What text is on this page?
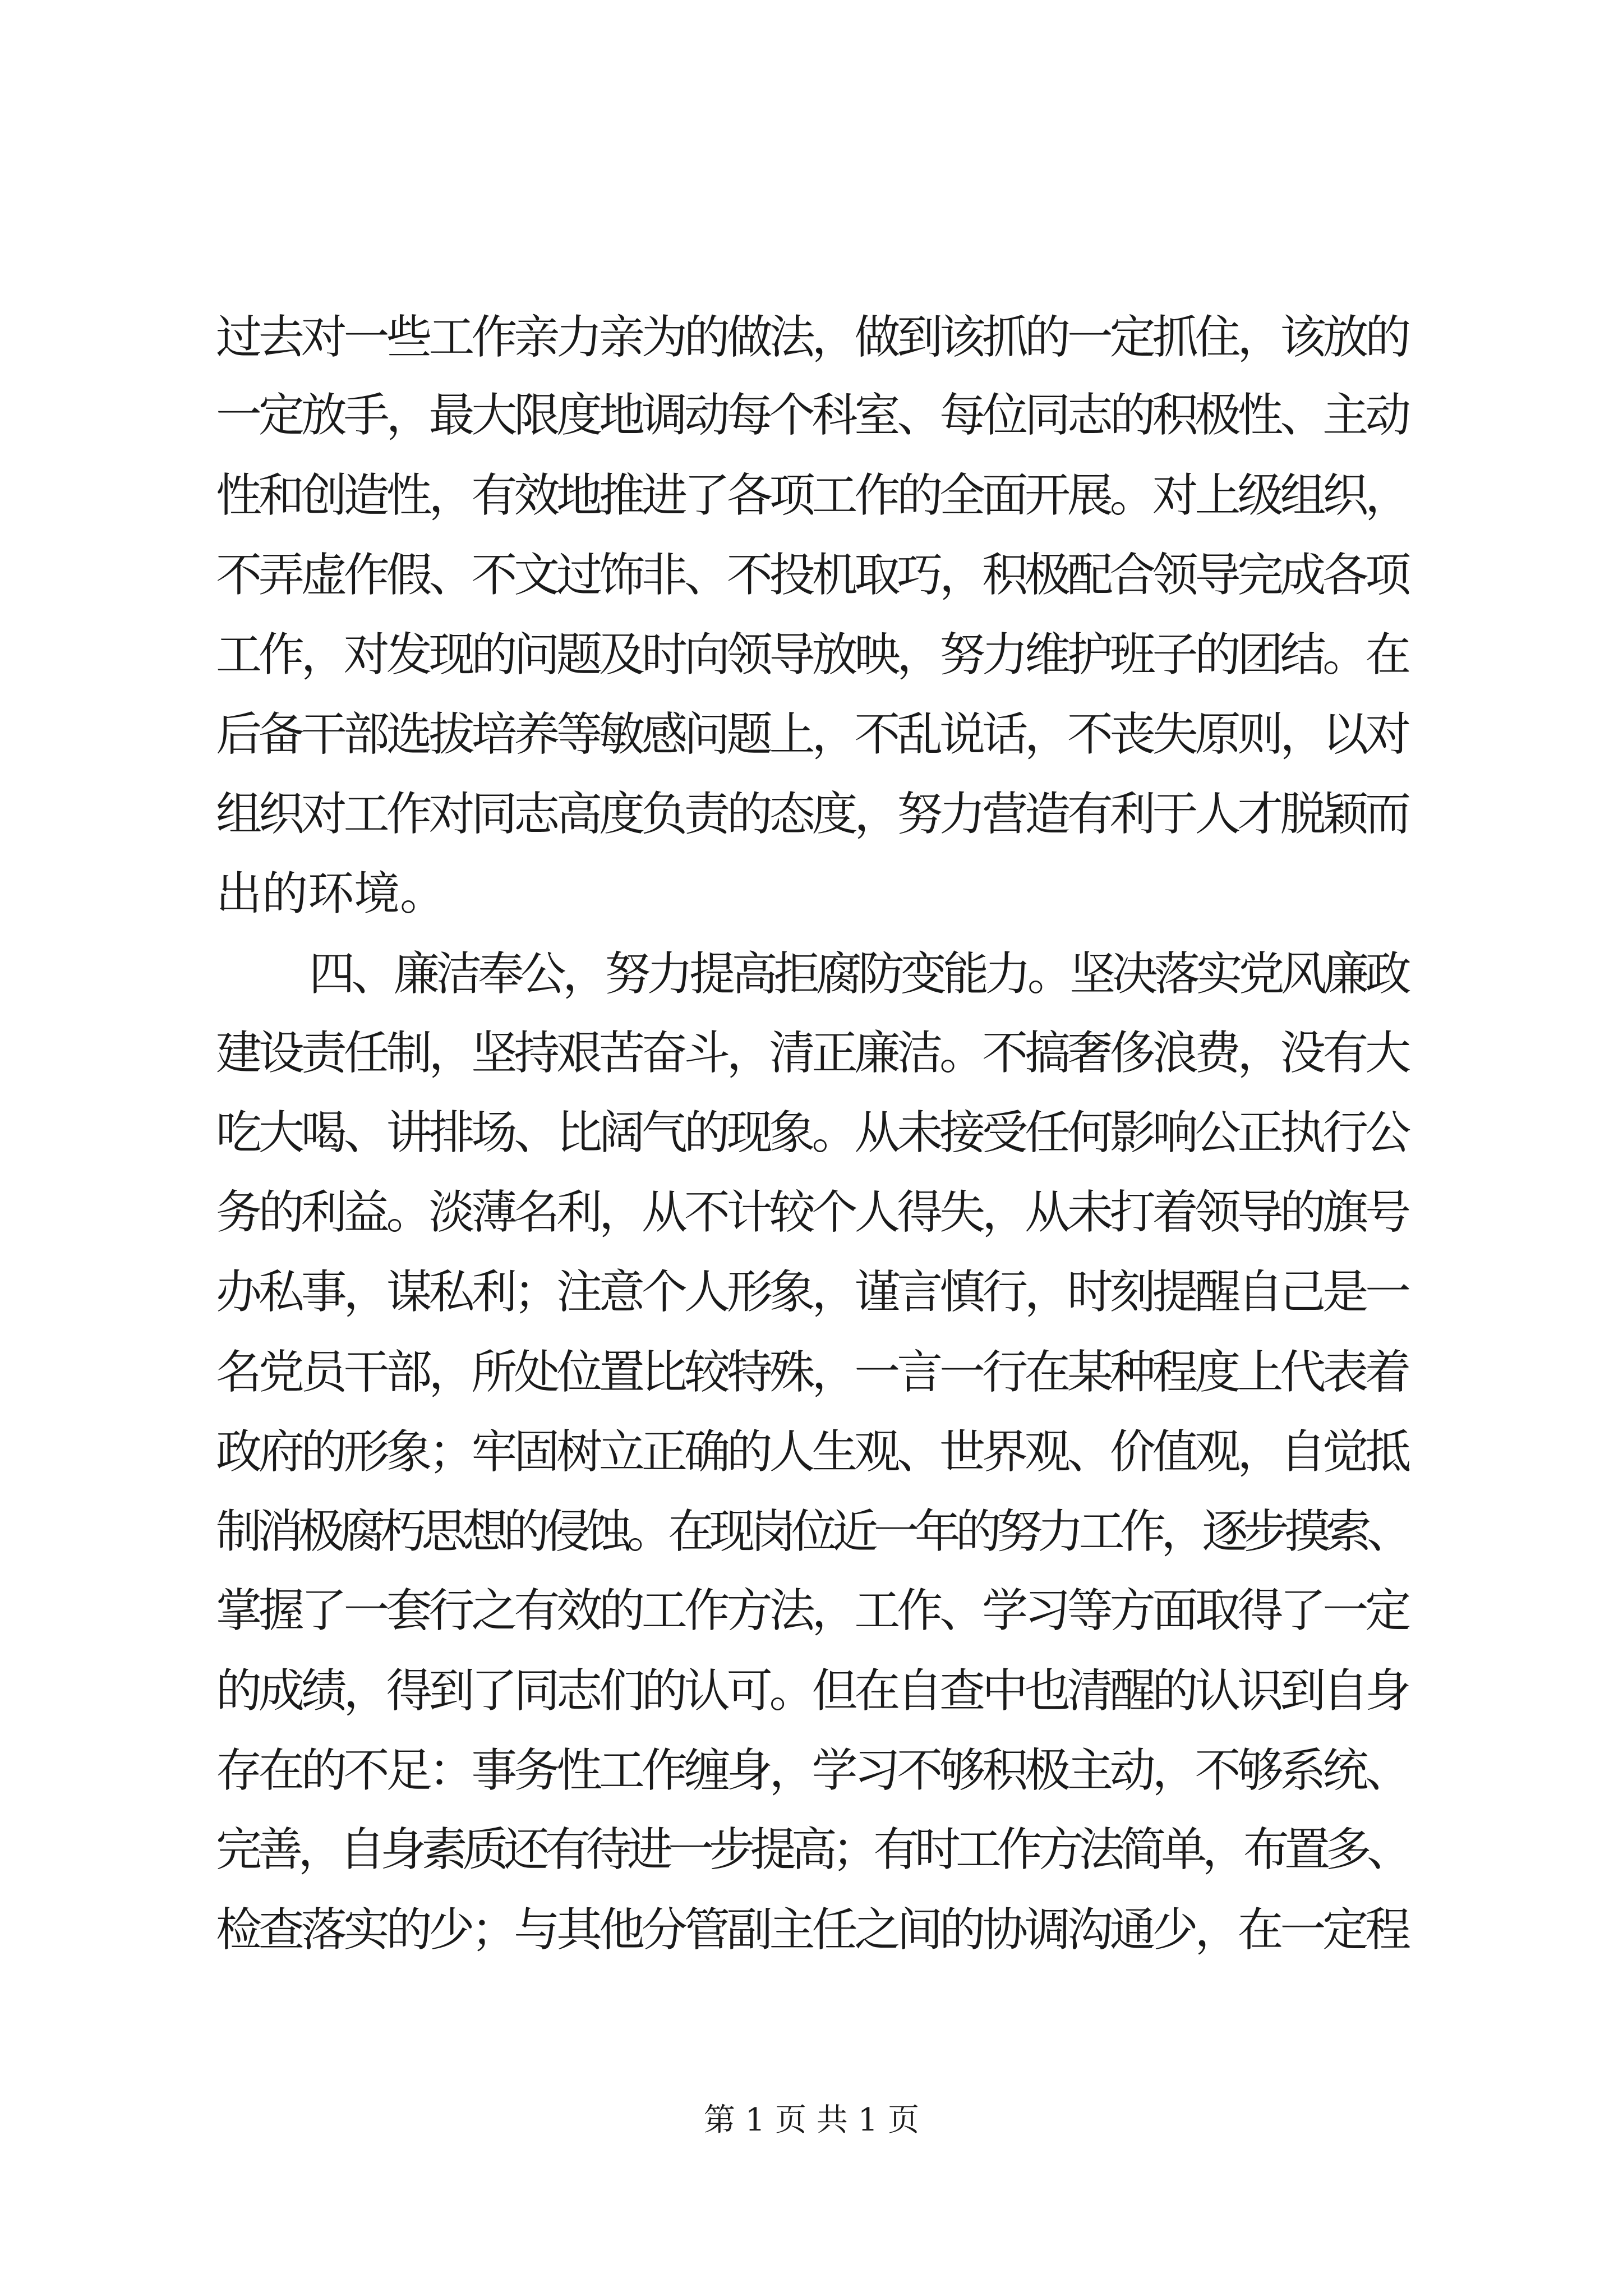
过去对一些工作亲力亲为的做法，做到该抓的一定抓住，该放的
一定放手，最大限度地调动每个科室、每位同志的积极性、主动
性和创造性，有效地推进了各项工作的全面开展。对上级组织，
不弄虚作假、不文过饰非、不投机取巧，积极配合领导完成各项
工作，对发现的问题及时向领导放映，努力维护班子的团结。在
后备干部选拔培养等敏感问题上，不乱说话，不丧失原则，以对
组织对工作对同志高度负责的态度，努力营造有利于人才脱颖而
出的环境。
四、廉洁奉公，努力提高拒腐防变能力。坚决落实党风廉政
建设责任制，坚持艰苦奋斗，清正廉洁。不搞奢侈浪费，没有大
吃大喝、讲排场、比阔气的现象。从未接受任何影响公正执行公
务的利益。淡薄名利，从不计较个人得失，从未打着领导的旗号
办私事，谋私利；注意个人形象，谨言慎行，时刻提醒自己是一
名党员干部，所处位置比较特殊，一言一行在某种程度上代表着
政府的形象；牢固树立正确的人生观、世界观、价值观，自觉抵
制消极腐朽思想的侵蚀。在现岗位近一年的努力工作，逐步摸索、
掌握了一套行之有效的工作方法，工作、学习等方面取得了一定
的成绩，得到了同志们的认可。但在自查中也清醒的认识到自身
存在的不足：事务性工作缠身，学习不够积极主动，不够系统、
完善，自身素质还有待进一步提高；有时工作方法简单，布置多、
检查落实的少；与其他分管副主任之间的协调沟通少，在一定程
第 1 页 共 1 页
